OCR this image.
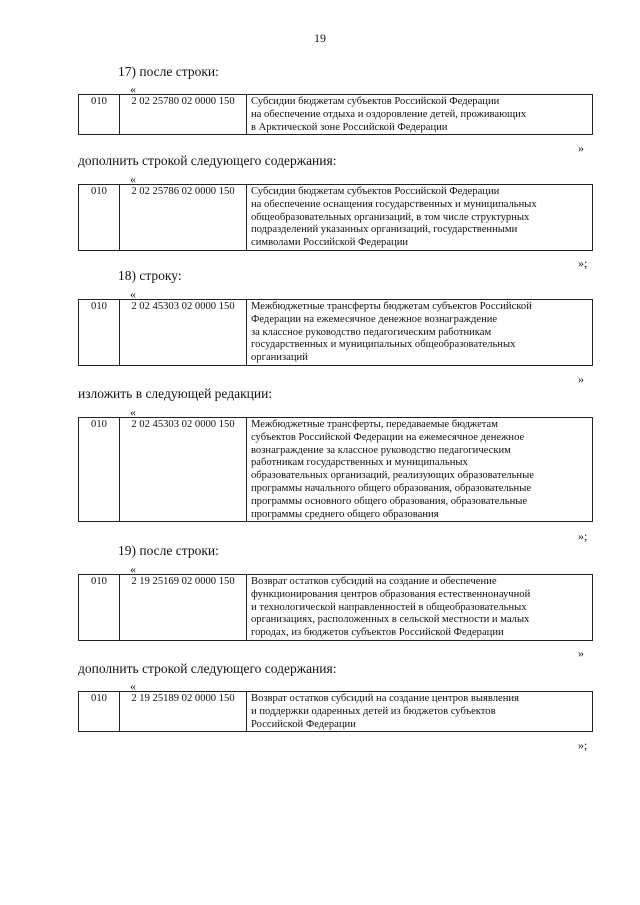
19
17) после строки:
«
010	2 02 25780 02 0000 150	Субсидии бюджетам субъектов Российской Федерации
на обеспечение отдыха и оздоровление детей, проживающих
в Арктической зоне Российской Федерации
»
дополнить строкой следующего содержания:
«
010	2 02 25786 02 0000 150	Субсидии бюджетам субъектов Российской Федерации
на обеспечение оснащения государственных и муниципальных
общеобразовательных организаций, в том числе структурных
подразделений указанных организаций, государственными
символами Российской Федерации
»;
18) строку:
«
010	2 02 45303 02 0000 150	Межбюджетные трансферты бюджетам субъектов Российской
Федерации на ежемесячное денежное вознаграждение
за классное руководство педагогическим работникам
государственных и муниципальных общеобразовательных
организаций
»
изложить в следующей редакции:
«
010	2 02 45303 02 0000 150	Межбюджетные трансферты, передаваемые бюджетам
субъектов Российской Федерации на ежемесячное денежное
вознаграждение за классное руководство педагогическим
работникам государственных и муниципальных
образовательных организаций, реализующих образовательные
программы начального общего образования, образовательные
программы основного общего образования, образовательные
программы среднего общего образования
»;
19) после строки:
«
010	2 19 25169 02 0000 150	Возврат остатков субсидий на создание и обеспечение
функционирования центров образования естественнонаучной
и технологической направленностей в общеобразовательных
организациях, расположенных в сельской местности и малых
городах, из бюджетов субъектов Российской Федерации
»
дополнить строкой следующего содержания:
«
010	2 19 25189 02 0000 150	Возврат остатков субсидий на создание центров выявления
и поддержки одаренных детей из бюджетов субъектов
Российской Федерации
»;
